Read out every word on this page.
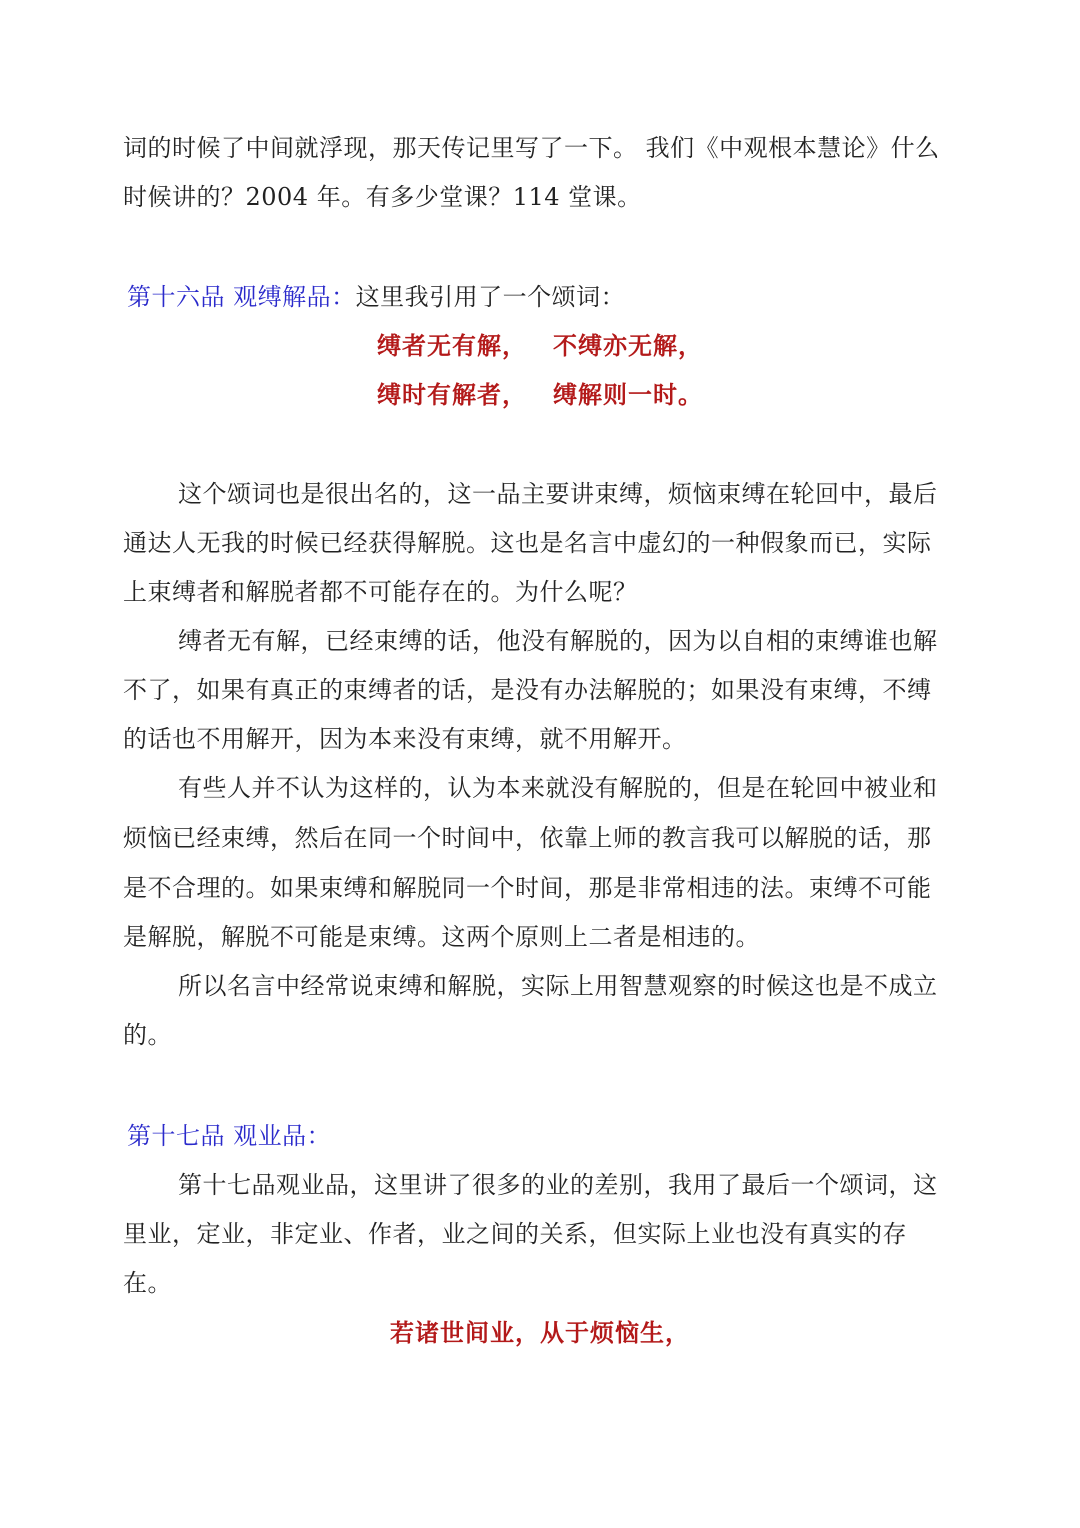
词的时候了中间就浮现，那天传记里写了一下。 我们《中观根本慧论》什么
时候讲的？2004 年。有多少堂课？114 堂课。
第十六品 观缚解品：这里我引用了一个颂词：
缚者无有解， 不缚亦无解，
缚时有解者， 缚解则一时。
这个颂词也是很出名的，这一品主要讲束缚，烦恼束缚在轮回中，最后
通达人无我的时候已经获得解脱。这也是名言中虚幻的一种假象而已，实际
上束缚者和解脱者都不可能存在的。为什么呢？
缚者无有解，已经束缚的话，他没有解脱的，因为以自相的束缚谁也解
不了，如果有真正的束缚者的话，是没有办法解脱的；如果没有束缚，不缚
的话也不用解开，因为本来没有束缚，就不用解开。
有些人并不认为这样的，认为本来就没有解脱的，但是在轮回中被业和
烦恼已经束缚，然后在同一个时间中，依靠上师的教言我可以解脱的话，那
是不合理的。如果束缚和解脱同一个时间，那是非常相违的法。束缚不可能
是解脱，解脱不可能是束缚。这两个原则上二者是相违的。
所以名言中经常说束缚和解脱，实际上用智慧观察的时候这也是不成立
的。
第十七品 观业品：
第十七品观业品，这里讲了很多的业的差别，我用了最后一个颂词，这
里业，定业，非定业、作者，业之间的关系，但实际上业也没有真实的存
在。
若诸世间业，从于烦恼生，
